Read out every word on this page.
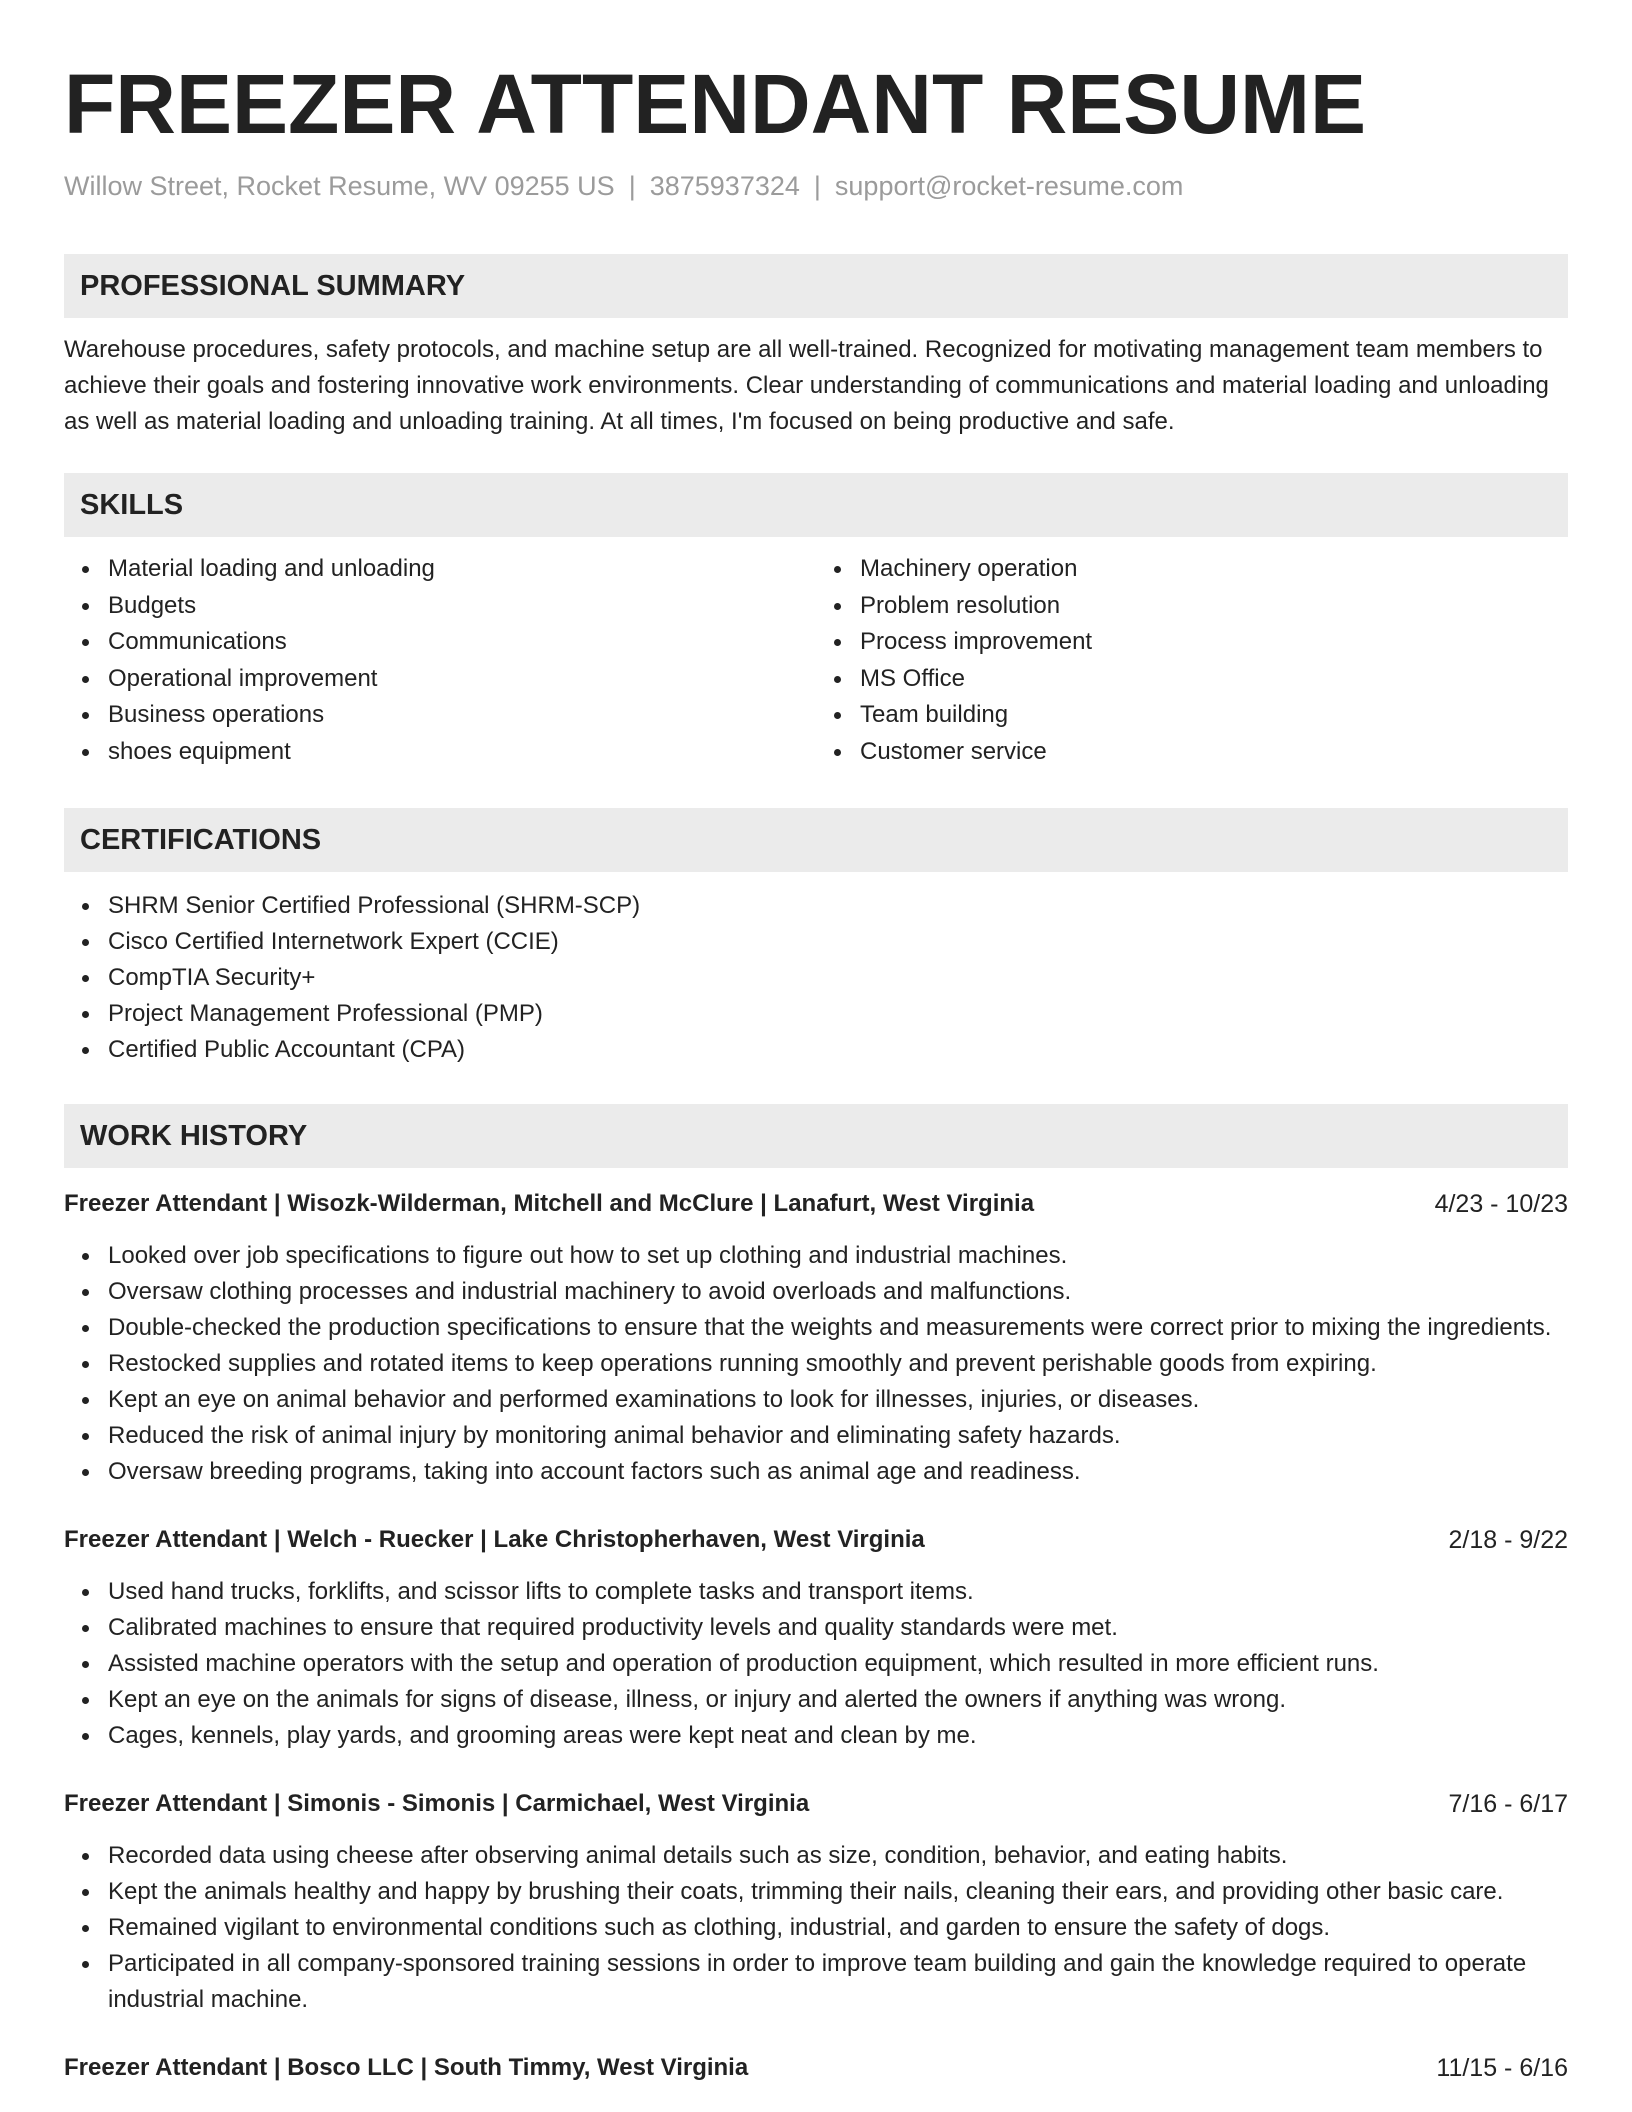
FREEZER ATTENDANT RESUME
Willow Street, Rocket Resume, WV 09255 US | 3875937324 | support@rocket-resume.com
PROFESSIONAL SUMMARY

Warehouse procedures, safety protocols, and machine setup are all well-trained. Recognized for motivating management team members to achieve their goals and fostering innovative work environments. Clear understanding of communications and material loading and unloading as well as material loading and unloading training. At all times, I'm focused on being productive and safe.

SKILLS
Material loading and unloading
Budgets
Communications
Operational improvement
Business operations
shoes equipment
Machinery operation
Problem resolution
Process improvement
MS Office
Team building
Customer service
CERTIFICATIONS
SHRM Senior Certified Professional (SHRM-SCP)
Cisco Certified Internetwork Expert (CCIE)
CompTIA Security+
Project Management Professional (PMP)
Certified Public Accountant (CPA)
WORK HISTORY
Freezer Attendant | Wisozk-Wilderman, Mitchell and McClure | Lanafurt, West Virginia	4/23 - 10/23
Looked over job specifications to figure out how to set up clothing and industrial machines.
Oversaw clothing processes and industrial machinery to avoid overloads and malfunctions.
Double-checked the production specifications to ensure that the weights and measurements were correct prior to mixing the ingredients.
Restocked supplies and rotated items to keep operations running smoothly and prevent perishable goods from expiring.
Kept an eye on animal behavior and performed examinations to look for illnesses, injuries, or diseases.
Reduced the risk of animal injury by monitoring animal behavior and eliminating safety hazards.
Oversaw breeding programs, taking into account factors such as animal age and readiness.
Freezer Attendant | Welch - Ruecker | Lake Christopherhaven, West Virginia	2/18 - 9/22
Used hand trucks, forklifts, and scissor lifts to complete tasks and transport items.
Calibrated machines to ensure that required productivity levels and quality standards were met.
Assisted machine operators with the setup and operation of production equipment, which resulted in more efficient runs.
Kept an eye on the animals for signs of disease, illness, or injury and alerted the owners if anything was wrong.
Cages, kennels, play yards, and grooming areas were kept neat and clean by me.
Freezer Attendant | Simonis - Simonis | Carmichael, West Virginia	7/16 - 6/17
Recorded data using cheese after observing animal details such as size, condition, behavior, and eating habits.
Kept the animals healthy and happy by brushing their coats, trimming their nails, cleaning their ears, and providing other basic care.
Remained vigilant to environmental conditions such as clothing, industrial, and garden to ensure the safety of dogs.
Participated in all company-sponsored training sessions in order to improve team building and gain the knowledge required to operate industrial machine.
Freezer Attendant | Bosco LLC | South Timmy, West Virginia	11/15 - 6/16
